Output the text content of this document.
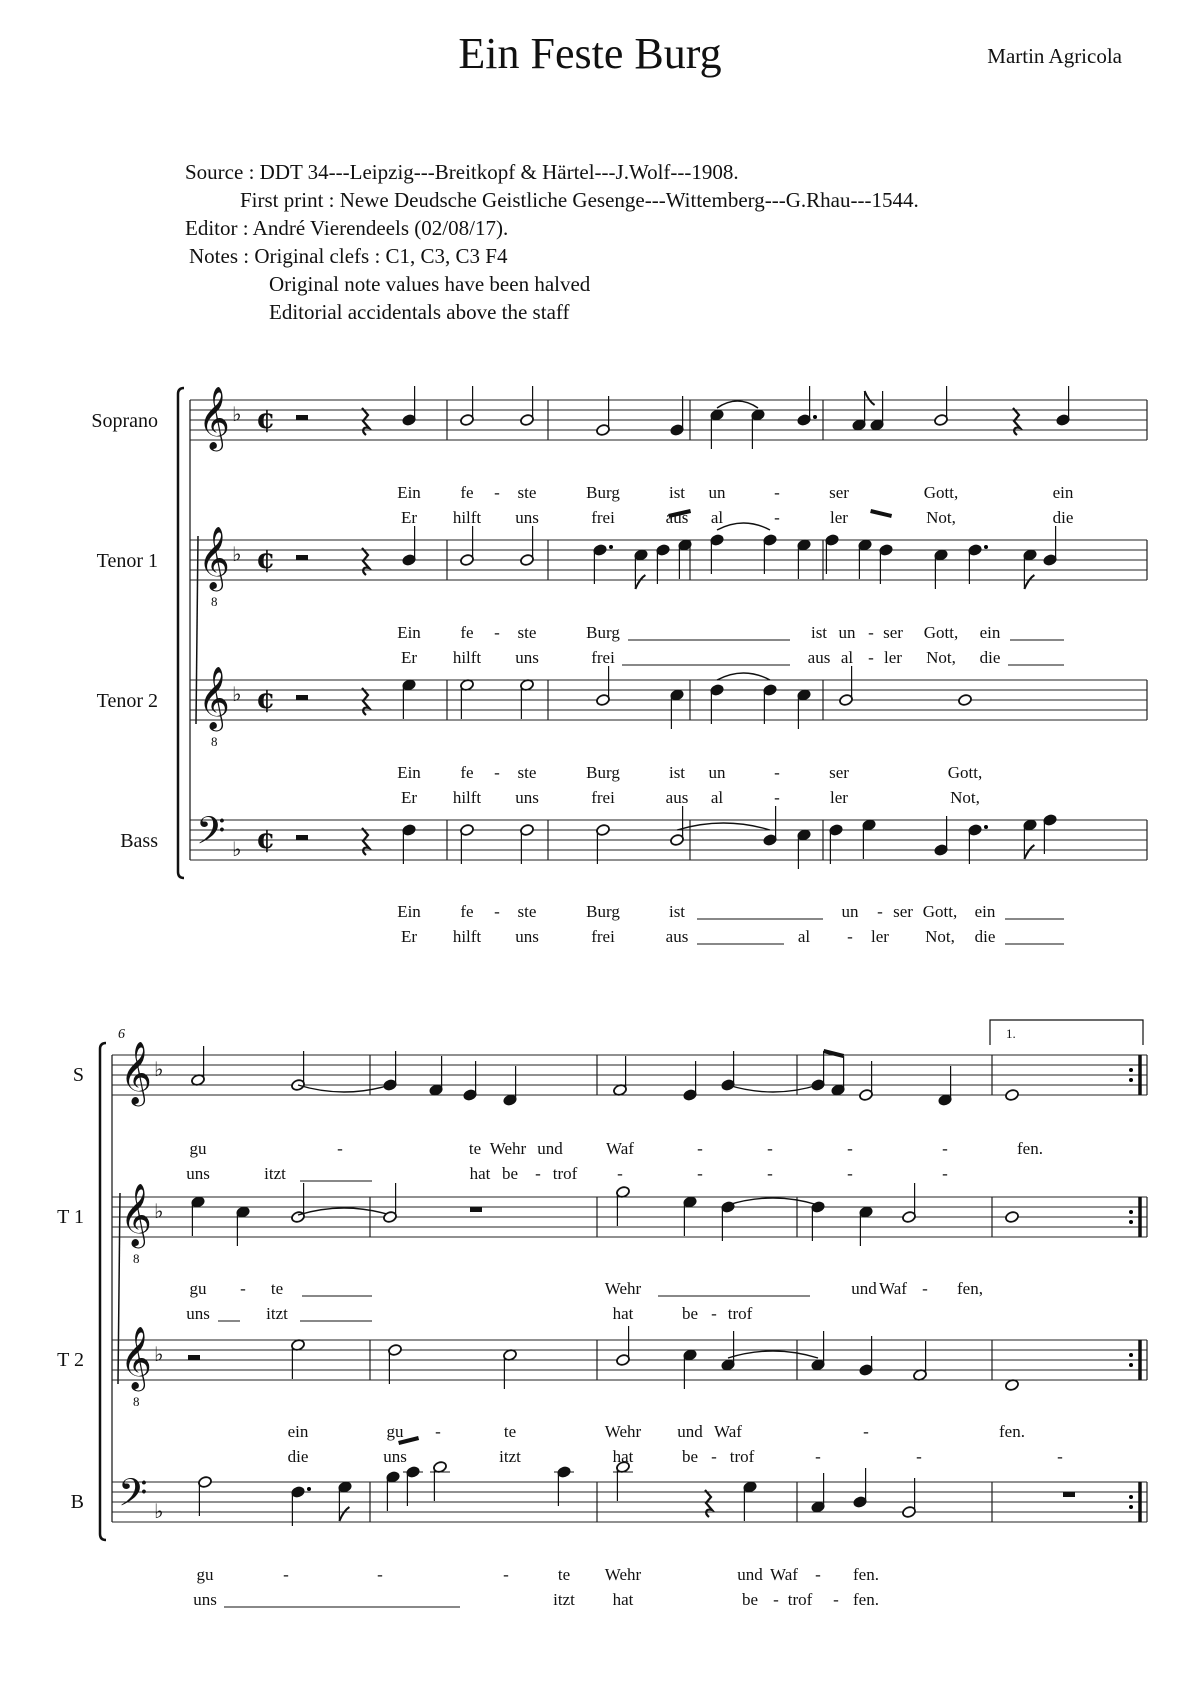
Ein Feste Burg	Martin Agricola
Source : DDT 34---Leipzig---Breitkopf & Härtel---J.Wolf---1908.
First print : Newe Deudsche Geistliche Gesenge---Wittemberg---G.Rhau---1544.
Editor : André Vierendeels (02/08/17).
Notes : Original clefs : C1, C3, C3 F4
Original note values have been halved
Editorial accidentals above the staff
Soprano 𝄞 ♭ ¢
Tenor 1 𝄞
8
♭ ¢
Tenor 2 𝄞
8
♭ ¢
Bass 𝄢 ♭ ¢
Ein fe - ste	Burg	ist un	-	ser	Gott,	ein
Er hilft uns	frei	aus al	-	ler	Not,	die
Ein fe - ste	Burg	ist un - ser Gott, ein
Er hilft uns	frei	aus al - ler Not, die
Ein fe - ste	Burg	ist un	-	ser	Gott,
Er hilft uns	frei	aus al	-	ler	Not,
Ein fe - ste	Burg	ist	un - ser Gott, ein
Er hilft uns	frei	aus	al - ler Not, die
6	1.
S 𝄞 ♭
T 1 𝄞
8
♭
T 2 𝄞
8
♭
B 𝄢 ♭
gu	-	te Wehr und	Waf	-	-	-	-	fen.
uns	itzt	hat be - trof -	-	-	-	-
gu - te	Wehr	und Waf - fen,
uns	itzt	hat	be - trof
ein	gu -	te	Wehr und Waf	-	fen.
die	uns	itzt	hat	be - trof	-	-	-
gu	-	-	-	te Wehr	und Waf - fen.
uns	itzt hat	be - trof - fen.
